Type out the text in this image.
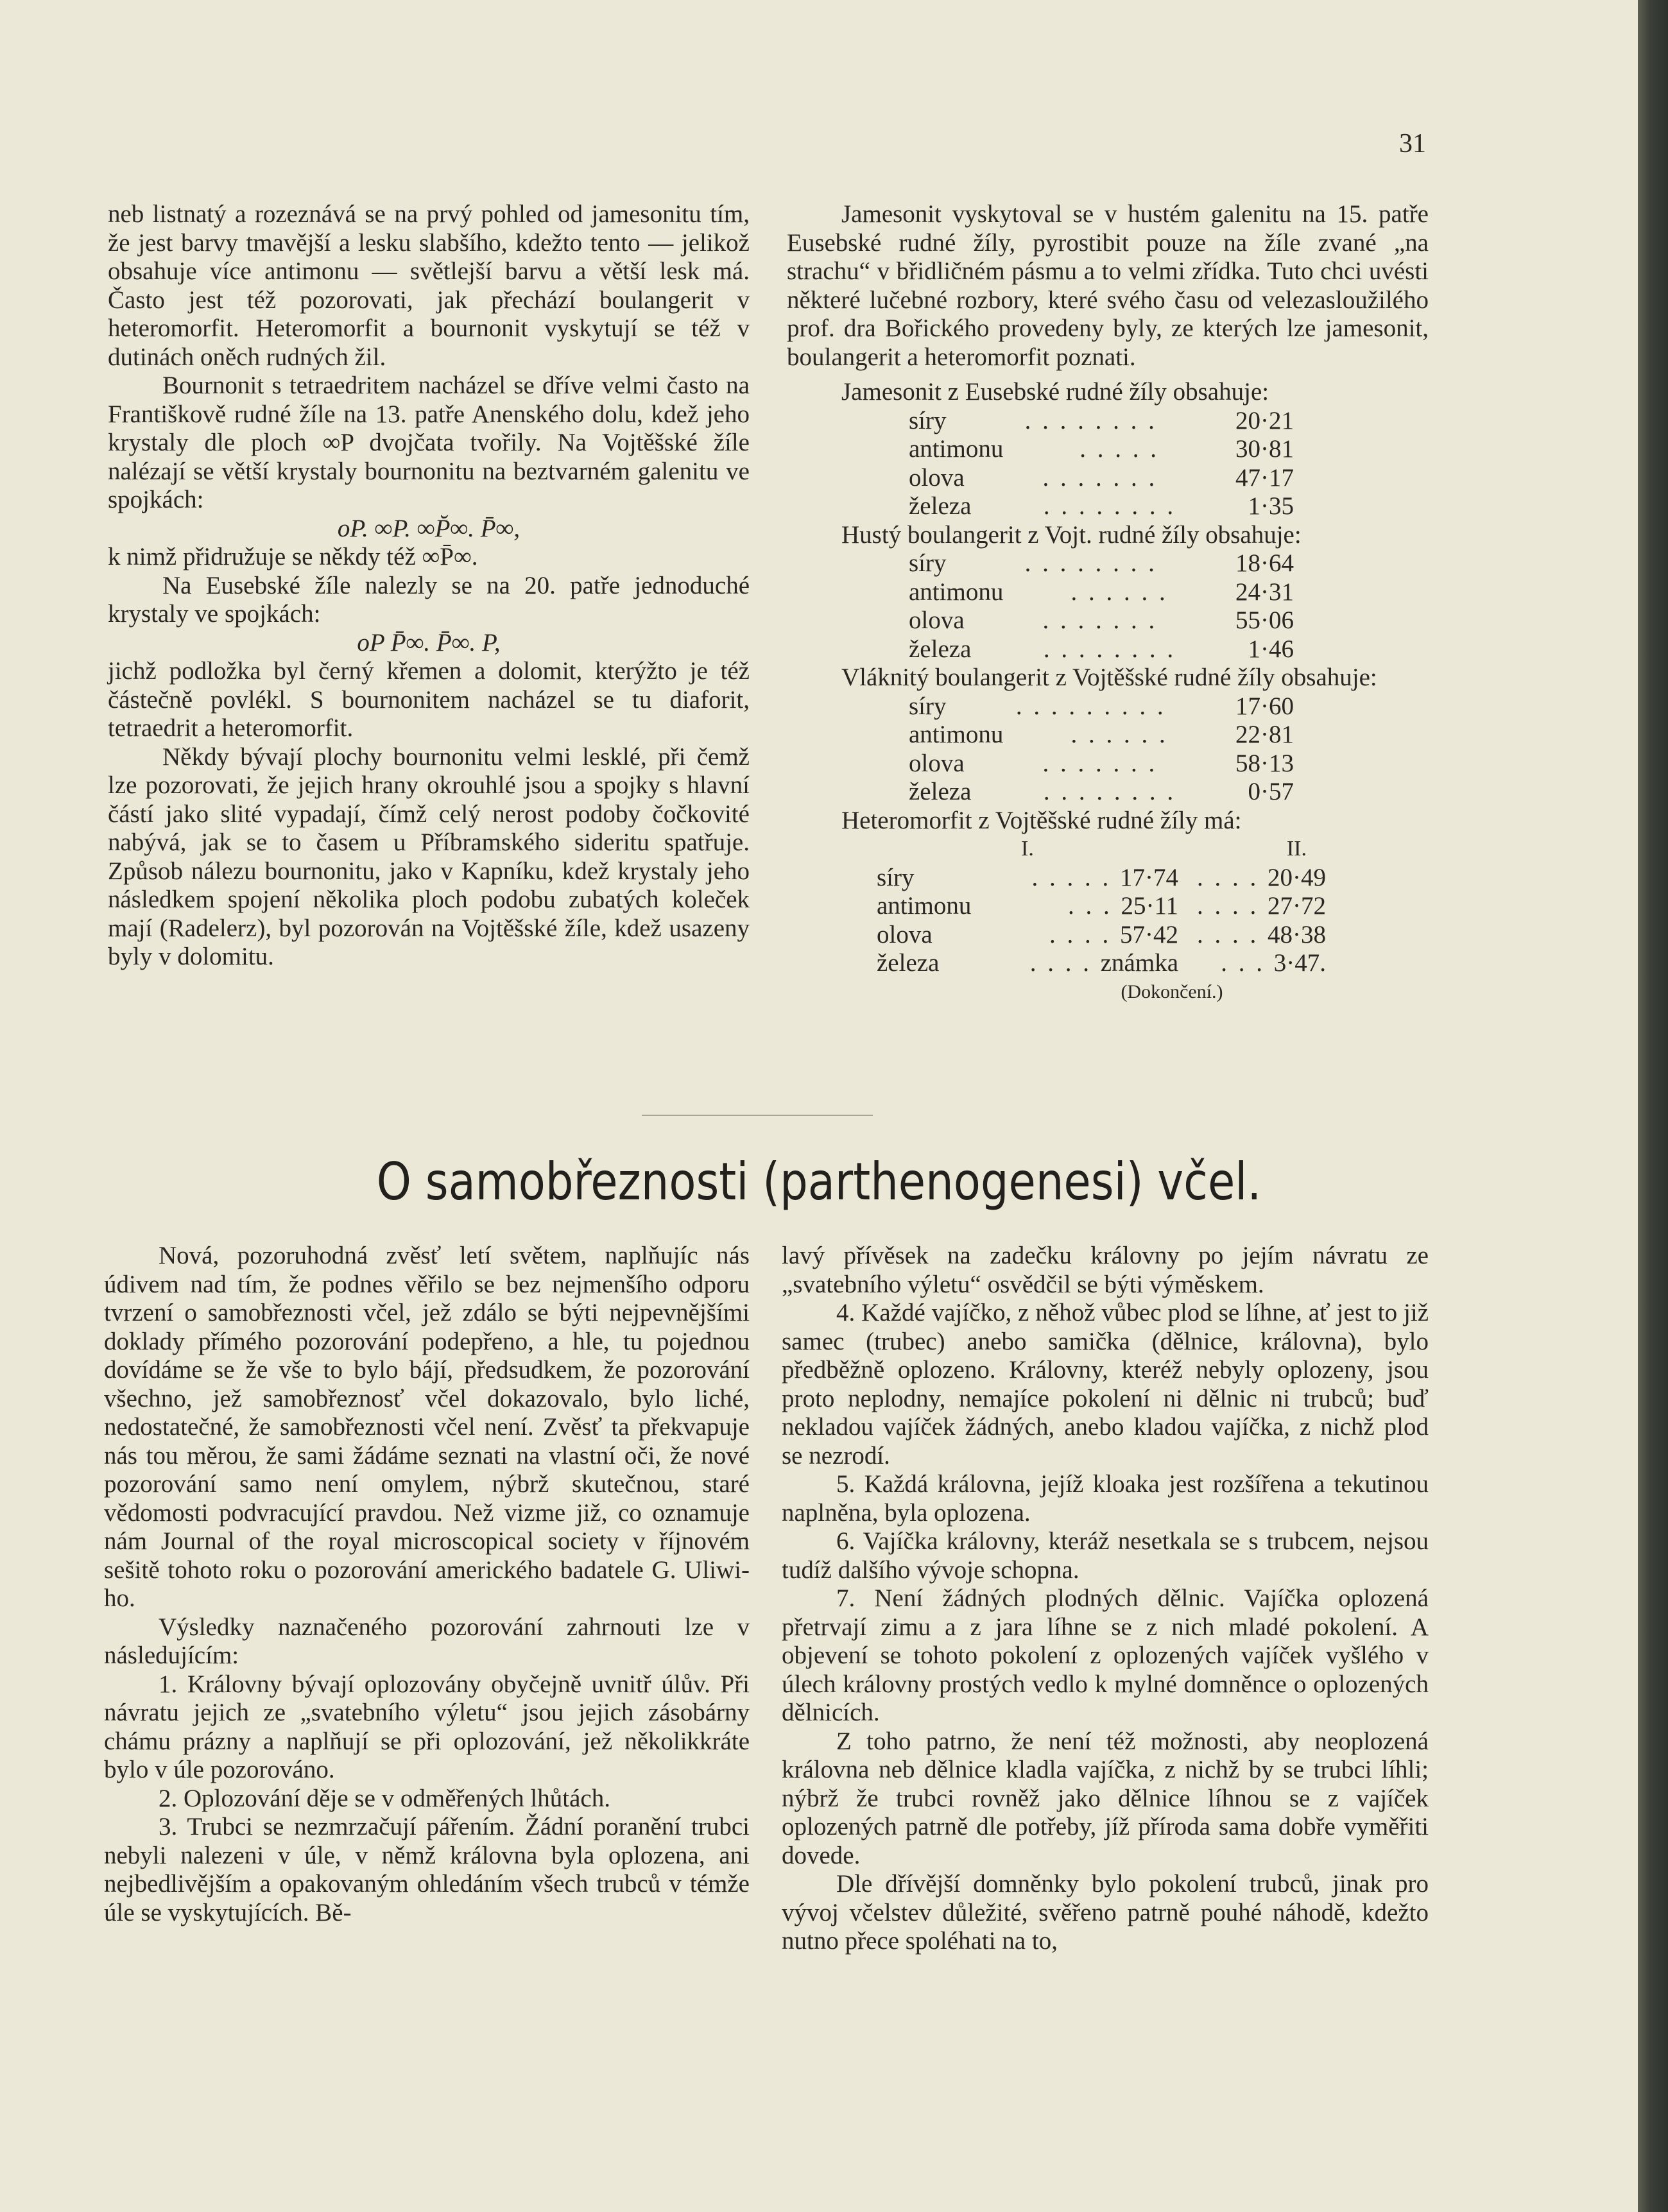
31

neb listnatý a rozeznává se na prvý pohled od jamesonitu tím, že jest barvy tmavější a lesku slabšího, kdežto tento — jelikož obsahuje více antimonu — světlejší barvu a větší lesk má. Často jest též pozorovati, jak přechází boulangerit v heteromorfit. Heteromorfit a bournonit vyskytují se též v dutinách oněch rudných žil.

Bournonit s tetraedritem nacházel se dříve velmi často na Františkově rudné žíle na 13. patře Anenského dolu, kdež jeho krystaly dle ploch ∞P dvojčata tvořily. Na Vojtěšské žíle nalézají se větší krystaly bournonitu na beztvarném galenitu ve spojkách:

oP. ∞P. ∞P̆∞. P̄∞,

k nimž přidružuje se někdy též ∞P̄∞.

Na Eusebské žíle nalezly se na 20. patře jednoduché krystaly ve spojkách:

oP P̄∞. P̄∞. P,

jichž podložka byl černý křemen a dolomit, kterýžto je též částečně povlékl. S bournonitem nacházel se tu diaforit, tetraedrit a heteromorfit.

Někdy bývají plochy bournonitu velmi lesklé, při čemž lze pozorovati, že jejich hrany okrouhlé jsou a spojky s hlavní částí jako slité vypadají, čímž celý nerost podoby čočkovité nabývá, jak se to časem u Příbramského sideritu spatřuje. Způsob nálezu bournonitu, jako v Kapníku, kdež krystaly jeho následkem spojení několika ploch podobu zubatých koleček mají (Radelerz), byl pozorován na Vojtěšské žíle, kdež usazeny byly v dolomitu.

Jamesonit vyskytoval se v hustém galenitu na 15. patře Eusebské rudné žíly, pyrostibit pouze na žíle zvané „na strachu“ v břidličném pásmu a to velmi zřídka. Tuto chci uvésti některé lučebné rozbory, které svého času od velezasloužilého prof. dra Bořického provedeny byly, ze kterých lze jamesonit, boulangerit a heteromorfit poznati.

Jamesonit z Eusebské rudné žíly obsahuje:

síry	. . . . . . . .	20·21
antimonu	. . . . .	30·81
olova	. . . . . . .	47·17
železa	. . . . . . . .	1·35

Hustý boulangerit z Vojt. rudné žíly obsahuje:

síry	. . . . . . . .	18·64
antimonu	. . . . . .	24·31
olova	. . . . . . .	55·06
železa	. . . . . . . .	1·46

Vláknitý boulangerit z Vojtěšské rudné žíly obsahuje:

síry	. . . . . . . . .	17·60
antimonu	. . . . . .	22·81
olova	. . . . . . .	58·13
železa	. . . . . . . .	0·57

Heteromorfit z Vojtěšské rudné žíly má:

I.	II.
síry	. . . . . 17·74 . . . . 20·49
antimonu	. . . 25·11 . . . . 27·72
olova	. . . . 57·42 . . . . 48·38
železa	. . . . známka	. . . 3·47.
(Dokončení.)
O samobřeznosti (parthenogenesi) včel.

Nová, pozoruhodná zvěsť letí světem, naplňujíc nás údivem nad tím, že podnes věřilo se bez nejmenšího odporu tvrzení o samobřeznosti včel, jež zdálo se býti nejpevnějšími doklady přímého pozorování podepřeno, a hle, tu pojednou dovídáme se že vše to bylo bájí, předsudkem, že pozorování všechno, jež samobřeznosť včel dokazovalo, bylo liché, nedostatečné, že samobřeznosti včel není. Zvěsť ta překvapuje nás tou měrou, že sami žádáme seznati na vlastní oči, že nové pozorování samo není omylem, nýbrž skutečnou, staré vědomosti podvracující pravdou. Než vizme již, co oznamuje nám Journal of the royal microscopical society v říjnovém sešitě tohoto roku o pozorování amerického badatele G. Uliwi-ho.

Výsledky naznačeného pozorování zahrnouti lze v následujícím:

1. Královny bývají oplozovány obyčejně uvnitř úlův. Při návratu jejich ze „svatebního výletu“ jsou jejich zásobárny chámu prázny a naplňují se při oplozování, jež několikkráte bylo v úle pozorováno.

2. Oplozování děje se v odměřených lhůtách.

3. Trubci se nezmrzačují pářením. Žádní poranění trubci nebyli nalezeni v úle, v němž královna byla oplozena, ani nejbedlivějším a opakovaným ohledáním všech trubců v témže úle se vyskytujících. Bě-

lavý přívěsek na zadečku královny po jejím návratu ze „svatebního výletu“ osvědčil se býti výměskem.

4. Každé vajíčko, z něhož vůbec plod se líhne, ať jest to již samec (trubec) anebo samička (dělnice, královna), bylo předběžně oplozeno. Královny, kteréž nebyly oplozeny, jsou proto neplodny, nemajíce pokolení ni dělnic ni trubců; buď nekladou vajíček žádných, anebo kladou vajíčka, z nichž plod se nezrodí.

5. Každá královna, jejíž kloaka jest rozšířena a tekutinou naplněna, byla oplozena.

6. Vajíčka královny, kteráž nesetkala se s trubcem, nejsou tudíž dalšího vývoje schopna.

7. Není žádných plodných dělnic. Vajíčka oplozená přetrvají zimu a z jara líhne se z nich mladé pokolení. A objevení se tohoto pokolení z oplozených vajíček vyšlého v úlech královny prostých vedlo k mylné domněnce o oplozených dělnicích.

Z toho patrno, že není též možnosti, aby neoplozená královna neb dělnice kladla vajíčka, z nichž by se trubci líhli; nýbrž že trubci rovněž jako dělnice líhnou se z vajíček oplozených patrně dle potřeby, jíž příroda sama dobře vyměřiti dovede.

Dle dřívější domněnky bylo pokolení trubců, jinak pro vývoj včelstev důležité, svěřeno patrně pouhé náhodě, kdežto nutno přece spoléhati na to,
